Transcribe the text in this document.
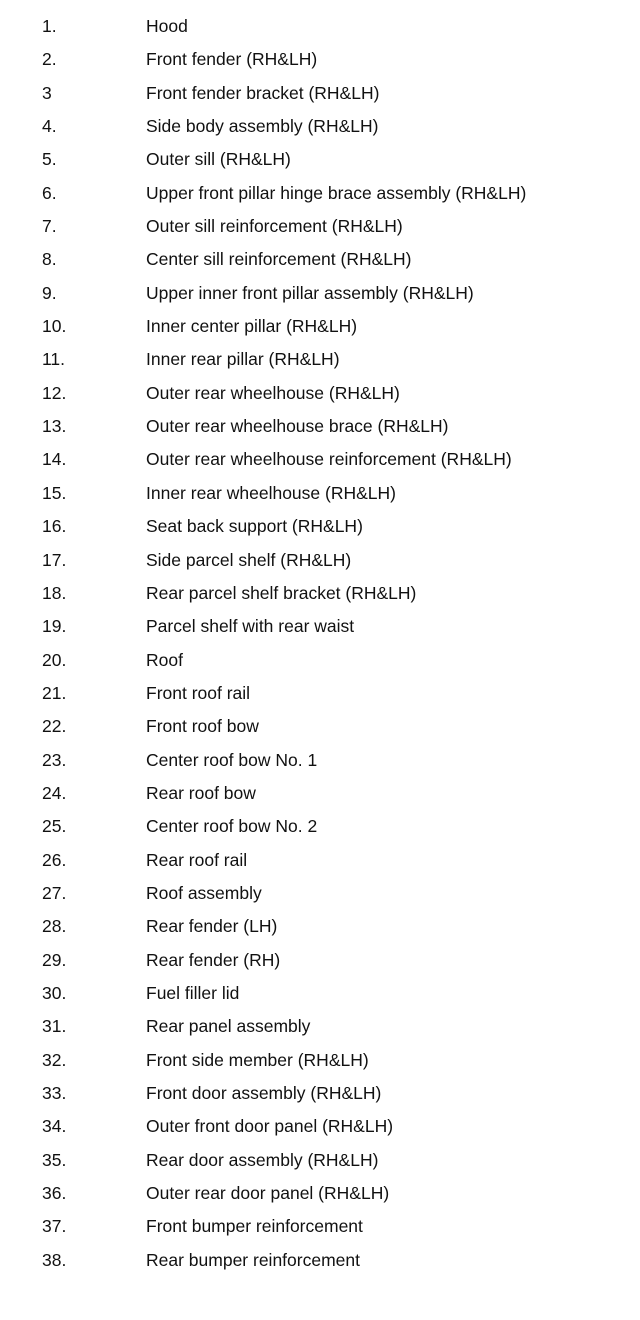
1.	Hood
2.	Front fender (RH&LH)
3	Front fender bracket (RH&LH)
4.	Side body assembly (RH&LH)
5.	Outer sill (RH&LH)
6.	Upper front pillar hinge brace assembly (RH&LH)
7.	Outer sill reinforcement (RH&LH)
8.	Center sill reinforcement (RH&LH)
9.	Upper inner front pillar assembly (RH&LH)
10.	Inner center pillar (RH&LH)
11.	Inner rear pillar (RH&LH)
12.	Outer rear wheelhouse (RH&LH)
13.	Outer rear wheelhouse brace (RH&LH)
14.	Outer rear wheelhouse reinforcement (RH&LH)
15.	Inner rear wheelhouse (RH&LH)
16.	Seat back support (RH&LH)
17.	Side parcel shelf (RH&LH)
18.	Rear parcel shelf bracket (RH&LH)
19.	Parcel shelf with rear waist
20.	Roof
21.	Front roof rail
22.	Front roof bow
23.	Center roof bow No. 1
24.	Rear roof bow
25.	Center roof bow No. 2
26.	Rear roof rail
27.	Roof assembly
28.	Rear fender (LH)
29.	Rear fender (RH)
30.	Fuel filler lid
31.	Rear panel assembly
32.	Front side member (RH&LH)
33.	Front door assembly (RH&LH)
34.	Outer front door panel (RH&LH)
35.	Rear door assembly (RH&LH)
36.	Outer rear door panel (RH&LH)
37.	Front bumper reinforcement
38.	Rear bumper reinforcement
